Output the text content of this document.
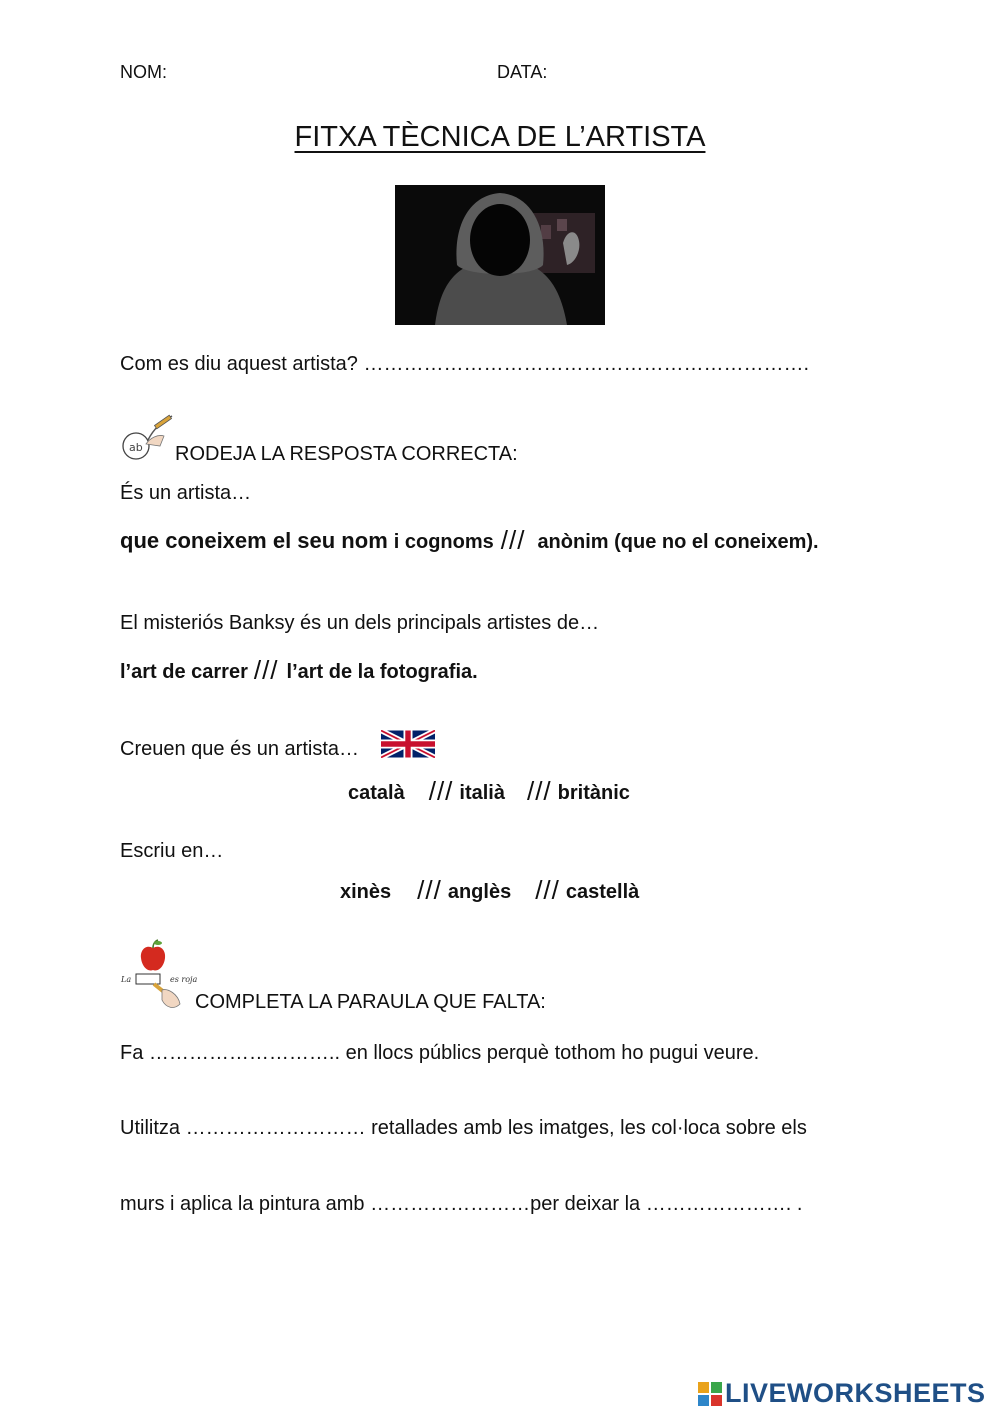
NOM:	DATA:
FITXA TÈCNICA DE L’ARTISTA
Com es diu aquest artista? ………………………………………………………….
ab RODEJA LA RESPOSTA CORRECTA:
És un artista…
que coneixem el seu nom i cognoms /// anònim (que no el coneixem).
El misteriós Banksy és un dels principals artistes de…
l’art de carrer /// l’art de la fotografia.
Creuen que és un artista…
català /// italià /// britànic
Escriu en…
xinès /// anglès /// castellà
La	es roja
COMPLETA LA PARAULA QUE FALTA:
Fa ……………………….. en llocs públics perquè tothom ho pugui veure.
Utilitza ……………………… retallades amb les imatges, les col·loca sobre els
murs i aplica la pintura amb ……………………per deixar la …………………. .
LIVEWORKSHEETS
